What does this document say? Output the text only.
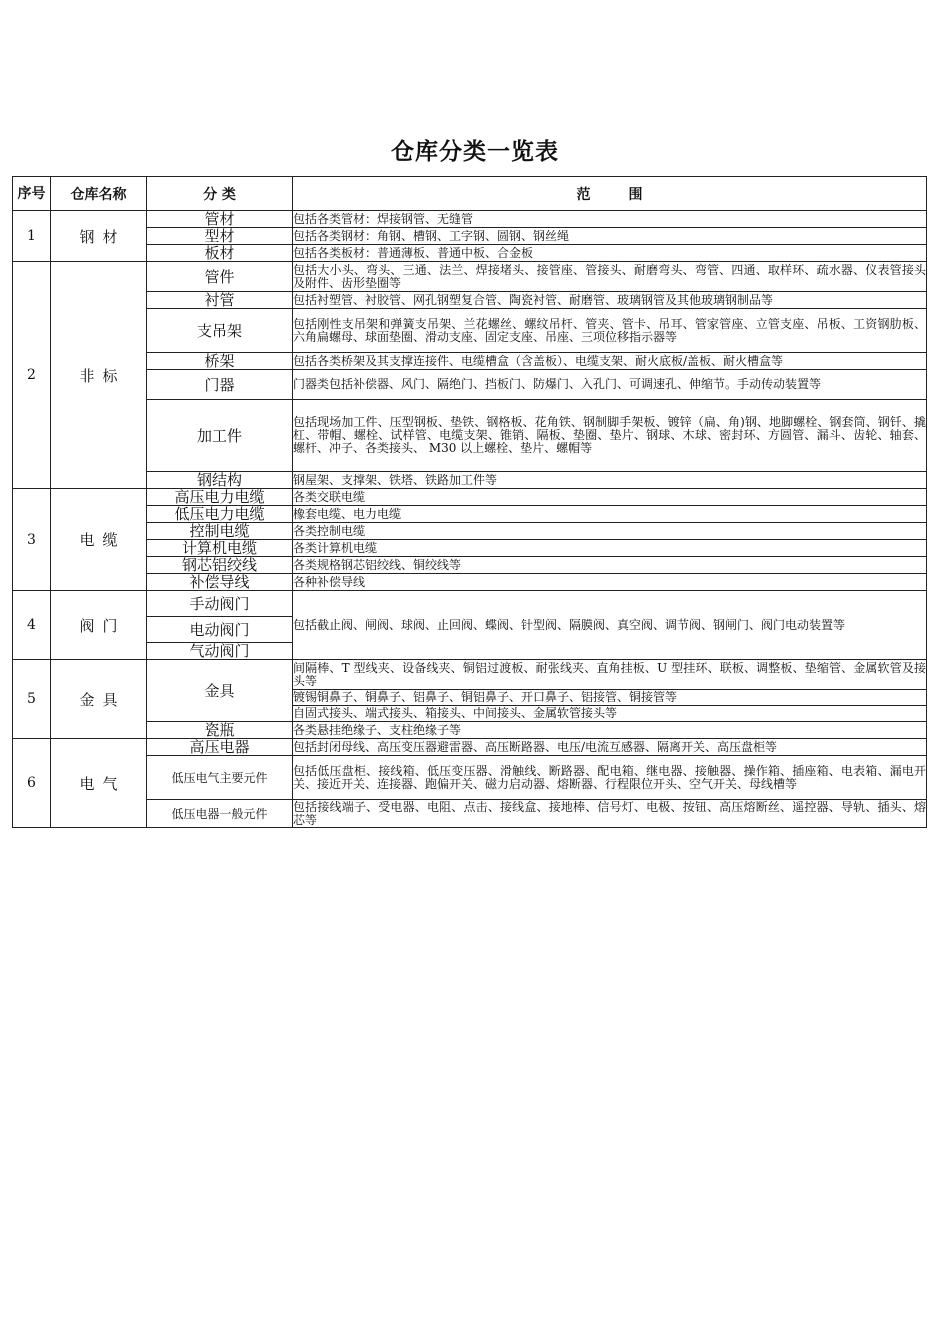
仓库分类一览表
序号	仓库名称	分 类	范围
1	钢材	管材	包括各类管材：焊接钢管、无缝管
		型材	包括各类钢材：角钢、槽钢、工字钢、圆钢、钢丝绳
		板材	包括各类板材：普通薄板、普通中板、合金板
2	非标	管件	包括大小头、弯头、三通、法兰、焊接堵头、接管座、管接头、耐磨弯头、弯管、四通、取样环、疏水器、仪表管接头及附件、齿形垫圈等
		衬管	包括衬塑管、衬胶管、网孔钢塑复合管、陶瓷衬管、耐磨管、玻璃钢管及其他玻璃钢制品等
		支吊架	包括刚性支吊架和弹簧支吊架、兰花螺丝、螺纹吊杆、管夹、管卡、吊耳、管家管座、立管支座、吊板、工资钢肋板、六角扁螺母、球面垫圈、滑动支座、固定支座、吊座、三项位移指示器等
		桥架	包括各类桥架及其支撑连接件、电缆槽盒（含盖板）、电缆支架、耐火底板/盖板、耐火槽盒等
		门器	门器类包括补偿器、风门、隔绝门、挡板门、防爆门、入孔门、可调速孔、伸缩节。手动传动装置等
		加工件	包括现场加工件、压型钢板、垫铁、钢格板、花角铁、钢制脚手架板、镀锌（扁、角)钢、地脚螺栓、钢套筒、钢钎、撬杠、带帽、螺栓、试样管、电缆支架、锥销、隔板、垫圈、垫片、钢球、木球、密封环、方圆管、漏斗、齿轮、轴套、螺杆、冲子、各类接头、 M30 以上螺栓、垫片、螺帽等
		钢结构	钢屋架、支撑架、铁塔、铁路加工件等
3	电缆	高压电力电缆	各类交联电缆
		低压电力电缆	橡套电缆、电力电缆
		控制电缆	各类控制电缆
		计算机电缆	各类计算机电缆
		钢芯铝绞线	各类规格钢芯铝绞线、铜绞线等
		补偿导线	各种补偿导线
4	阀门	手动阀门	包括截止阀、闸阀、球阀、止回阀、蝶阀、针型阀、隔膜阀、真空阀、调节阀、钢闸门、阀门电动装置等
		电动阀门	
		气动阀门	
5	金具	金具	间隔棒、T 型线夹、设备线夹、铜铝过渡板、耐张线夹、直角挂板、U 型挂环、联板、调整板、垫缩管、金属软管及接头等
			镀锡铜鼻子、铜鼻子、铝鼻子、铜铝鼻子、开口鼻子、铝接管、铜接管等
			自固式接头、端式接头、箱接头、中间接头、金属软管接头等
		瓷瓶	各类悬挂绝缘子、支柱绝缘子等
6	电气	高压电器	包括封闭母线、高压变压器避雷器、高压断路器、电压/电流互感器、隔离开关、高压盘柜等
		低压电气主要元件	包括低压盘柜、接线箱、低压变压器、滑触线、断路器、配电箱、继电器、接触器、操作箱、插座箱、电表箱、漏电开关、接近开关、连接器、跑偏开关、磁力启动器、熔断器、行程限位开头、空气开关、母线槽等
		低压电器一般元件	包括接线端子、受电器、电阻、点击、接线盒、接地棒、信号灯、电极、按钮、高压熔断丝、遥控器、导轨、插头、熔芯等
